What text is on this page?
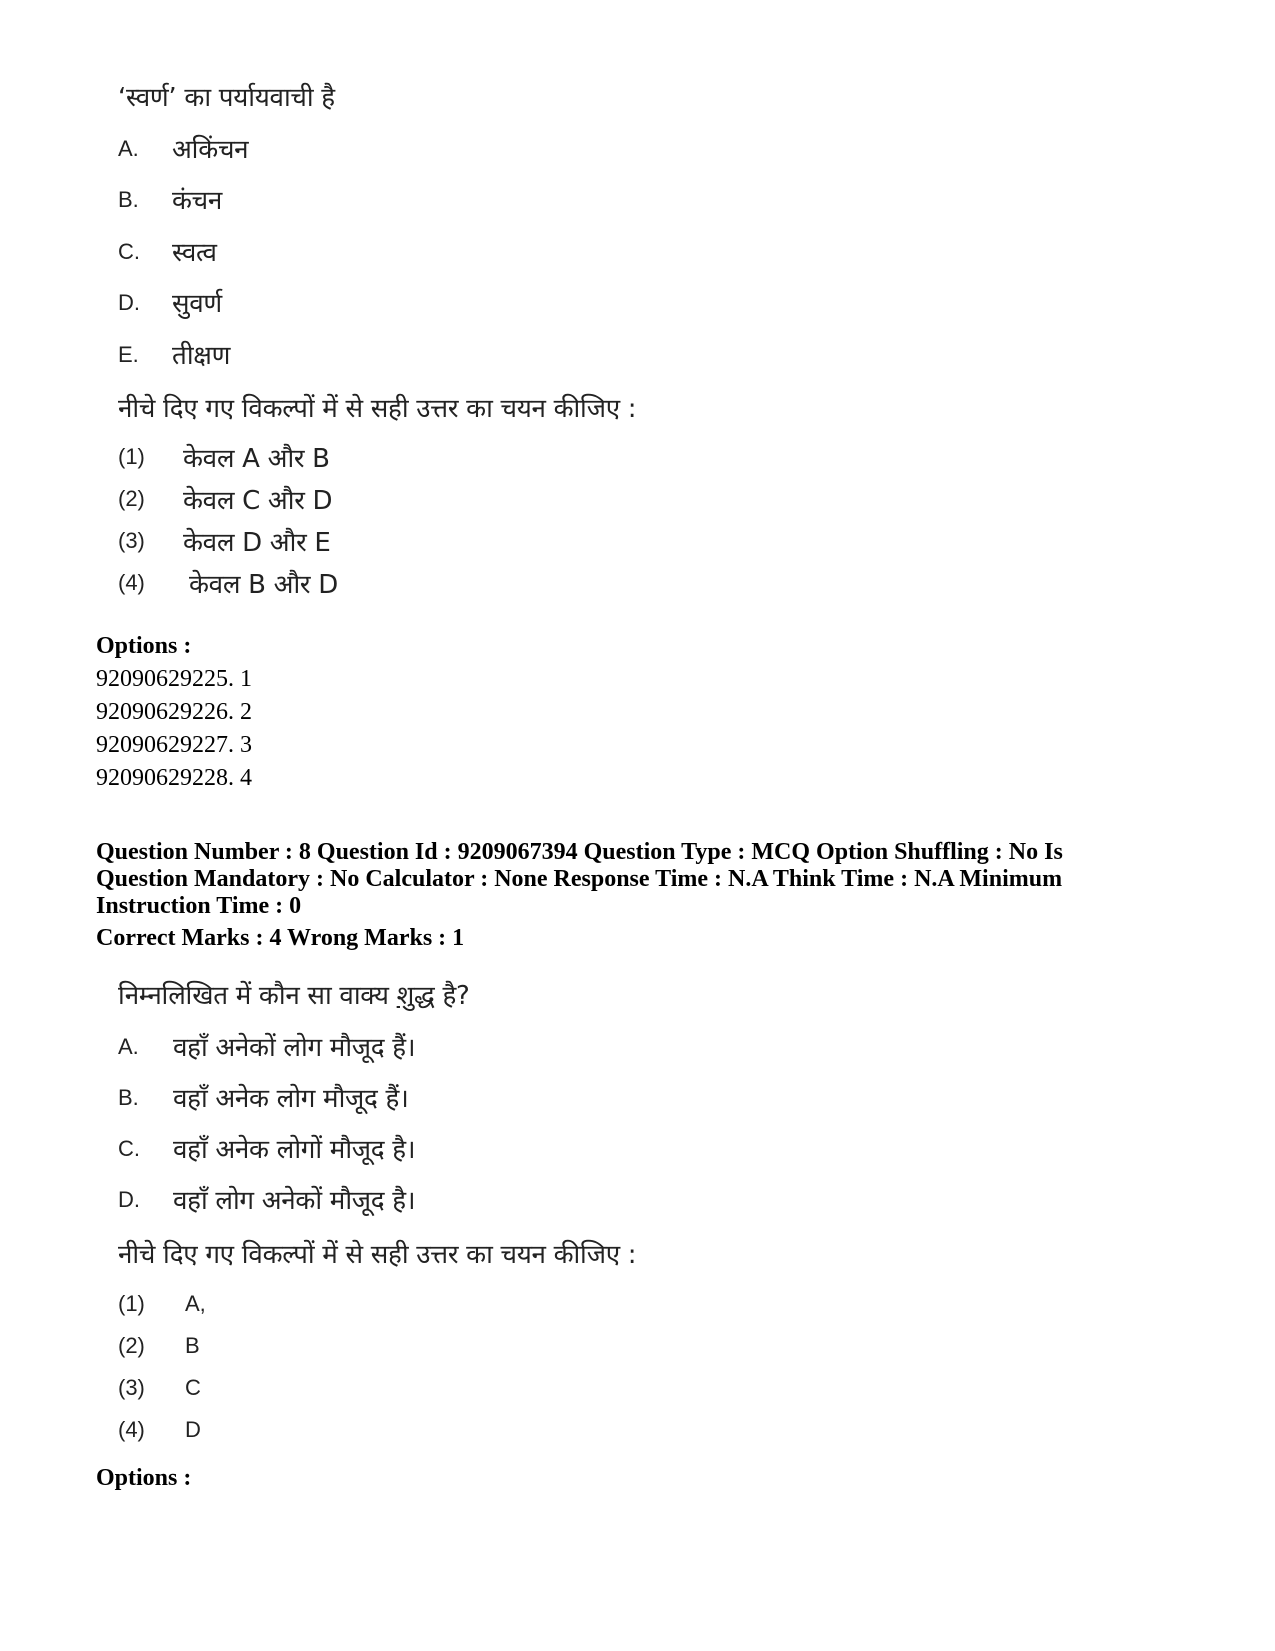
‘स्वर्ण’ का पर्यायवाची है
A. अकिंचन
B. कंचन
C. स्वत्व
D. सुवर्ण
E. तीक्षण
नीचे दिए गए विकल्पों में से सही उत्तर का चयन कीजिए :
(1) केवल A और B
(2) केवल C और D
(3) केवल D और E
(4) केवल B और D
Options :
92090629225. 1
92090629226. 2
92090629227. 3
92090629228. 4
Question Number : 8 Question Id : 9209067394 Question Type : MCQ Option Shuffling : No Is
Question Mandatory : No Calculator : None Response Time : N.A Think Time : N.A Minimum
Instruction Time : 0
Correct Marks : 4 Wrong Marks : 1
निम्नलिखित में कौन सा वाक्य शुद्ध है?
A. वहाँ अनेकों लोग मौजूद हैं।
B. वहाँ अनेक लोग मौजूद हैं।
C. वहाँ अनेक लोगों मौजूद है।
D. वहाँ लोग अनेकों मौजूद है।
नीचे दिए गए विकल्पों में से सही उत्तर का चयन कीजिए :
(1) A,
(2) B
(3) C
(4) D
Options :
